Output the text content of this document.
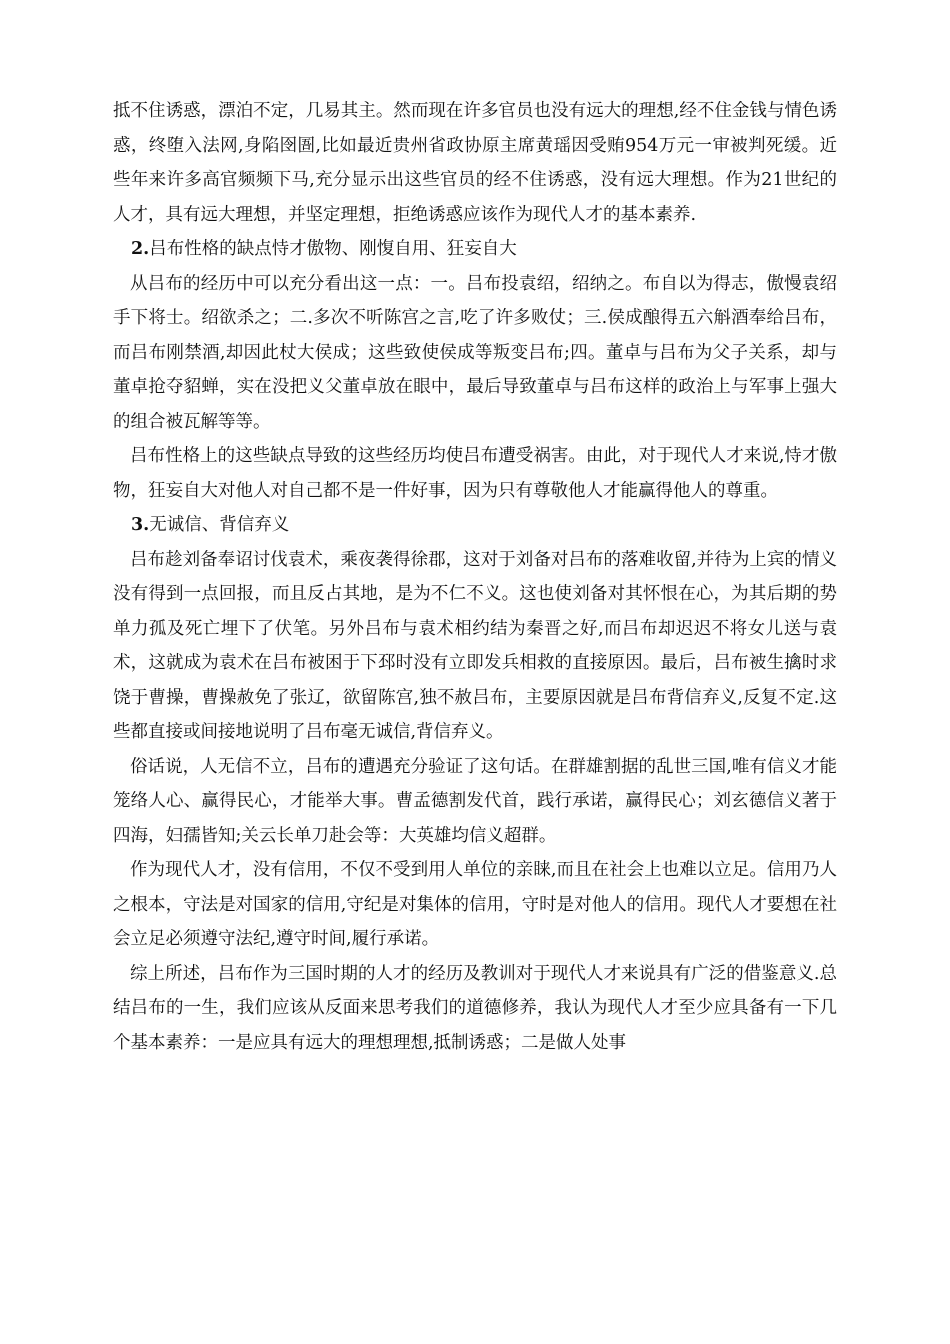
抵不住诱惑，漂泊不定，几易其主。然而现在许多官员也没有远大的理想,经不住金钱与情色诱惑，终堕入法网,身陷囹圄,比如最近贵州省政协原主席黄瑶因受贿954万元一审被判死缓。近些年来许多高官频频下马,充分显示出这些官员的经不住诱惑，没有远大理想。作为21世纪的人才，具有远大理想，并坚定理想，拒绝诱惑应该作为现代人才的基本素养.

2.吕布性格的缺点恃才傲物、刚愎自用、狂妄自大

从吕布的经历中可以充分看出这一点：一。吕布投袁绍，绍纳之。布自以为得志，傲慢袁绍手下将士。绍欲杀之；二.多次不听陈宫之言,吃了许多败仗；三.侯成酿得五六斛酒奉给吕布，而吕布刚禁酒,却因此杖大侯成；这些致使侯成等叛变吕布;四。董卓与吕布为父子关系，却与董卓抢夺貂蝉，实在没把义父董卓放在眼中，最后导致董卓与吕布这样的政治上与军事上强大的组合被瓦解等等。

吕布性格上的这些缺点导致的这些经历均使吕布遭受祸害。由此，对于现代人才来说,恃才傲物，狂妄自大对他人对自己都不是一件好事，因为只有尊敬他人才能赢得他人的尊重。

3.无诚信、背信弃义

吕布趁刘备奉诏讨伐袁术，乘夜袭得徐郡，这对于刘备对吕布的落难收留,并待为上宾的情义没有得到一点回报，而且反占其地，是为不仁不义。这也使刘备对其怀恨在心，为其后期的势单力孤及死亡埋下了伏笔。另外吕布与袁术相约结为秦晋之好,而吕布却迟迟不将女儿送与袁术，这就成为袁术在吕布被困于下邳时没有立即发兵相救的直接原因。最后，吕布被生擒时求饶于曹操，曹操赦免了张辽，欲留陈宫,独不赦吕布，主要原因就是吕布背信弃义,反复不定.这些都直接或间接地说明了吕布毫无诚信,背信弃义。

俗话说，人无信不立，吕布的遭遇充分验证了这句话。在群雄割据的乱世三国,唯有信义才能笼络人心、赢得民心，才能举大事。曹孟德割发代首，践行承诺，赢得民心；刘玄德信义著于四海，妇孺皆知;关云长单刀赴会等：大英雄均信义超群。

作为现代人才，没有信用，不仅不受到用人单位的亲睐,而且在社会上也难以立足。信用乃人之根本，守法是对国家的信用,守纪是对集体的信用，守时是对他人的信用。现代人才要想在社会立足必须遵守法纪,遵守时间,履行承诺。

综上所述，吕布作为三国时期的人才的经历及教训对于现代人才来说具有广泛的借鉴意义.总结吕布的一生，我们应该从反面来思考我们的道德修养，我认为现代人才至少应具备有一下几个基本素养：一是应具有远大的理想理想,抵制诱惑；二是做人处事
